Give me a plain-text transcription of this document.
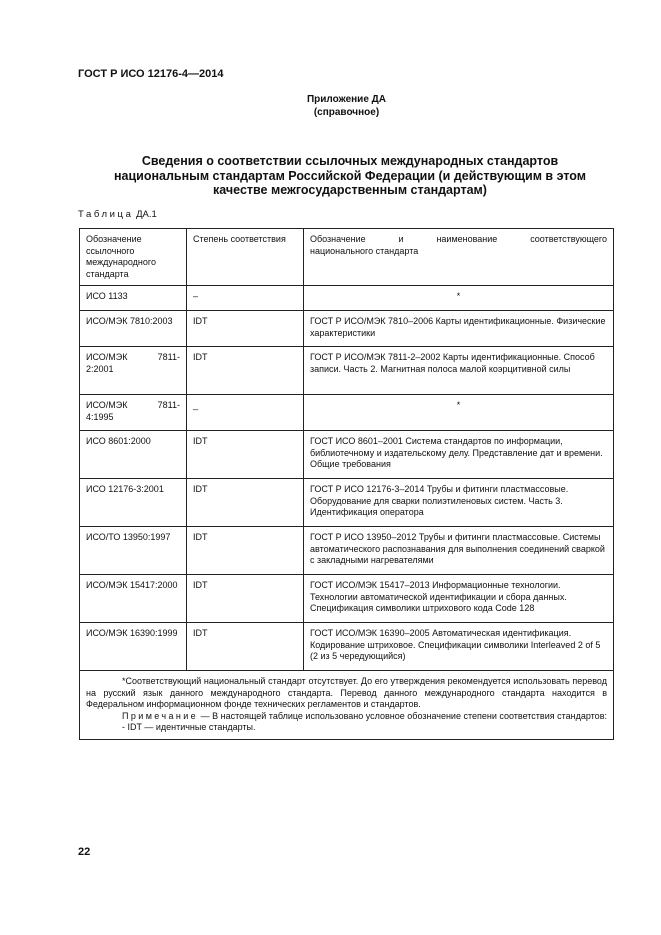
ГОСТ Р ИСО 12176-4—2014
Приложение ДА
(справочное)
Сведения о соответствии ссылочных международных стандартов
национальным стандартам Российской Федерации (и действующим в этом
качестве межгосударственным стандартам)
Таблица ДА.1
Обозначение ссылочного международного стандарта	Степень соответствия	Обозначение и наименование соответствующего
национального стандарта

ИСО 1133	–	*
ИСО/МЭК 7810:2003	IDT	ГОСТ Р ИСО/МЭК 7810–2006 Карты идентификационные. Физические характеристики

ИСО/МЭК 7811-
2:2001	IDT	ГОСТ Р ИСО/МЭК 7811-2–2002 Карты идентификационные. Способ записи. Часть 2. Магнитная полоса малой коэрцитивной силы

ИСО/МЭК 7811-
4:1995	_	*
ИСО 8601:2000	IDT	ГОСТ ИСО 8601–2001 Система стандартов по информации, библиотечному и издательскому делу. Представление дат и времени. Общие требования
ИСО 12176-3:2001	IDT	ГОСТ Р ИСО 12176-3–2014 Трубы и фитинги пластмассовые. Оборудование для сварки полиэтиленовых систем. Часть 3. Идентификация оператора
ИСО/ТО 13950:1997	IDT	ГОСТ Р ИСО 13950–2012 Трубы и фитинги пластмассовые. Системы автоматического распознавания для выполнения соединений сваркой с закладными нагревателями
ИСО/МЭК 15417:2000	IDT	ГОСТ ИСО/МЭК 15417–2013 Информационные технологии. Технологии автоматической идентификации и сбора данных. Спецификация символики штрихового кода Code 128
ИСО/МЭК 16390:1999	IDT	ГОСТ ИСО/МЭК 16390–2005 Автоматическая идентификация. Кодирование штриховое. Спецификации символики Interleaved 2 of 5 (2 из 5 чередующийся)

*Соответствующий национальный стандарт отсутствует. До его утверждения рекомендуется использовать перевод на русский язык данного международного стандарта. Перевод данного международного стандарта находится в Федеральном информационном фонде технических регламентов и стандартов.

Примечание — В настоящей таблице использовано условное обозначение степени соответствия стандартов:

- IDT — идентичные стандарты.		

22
